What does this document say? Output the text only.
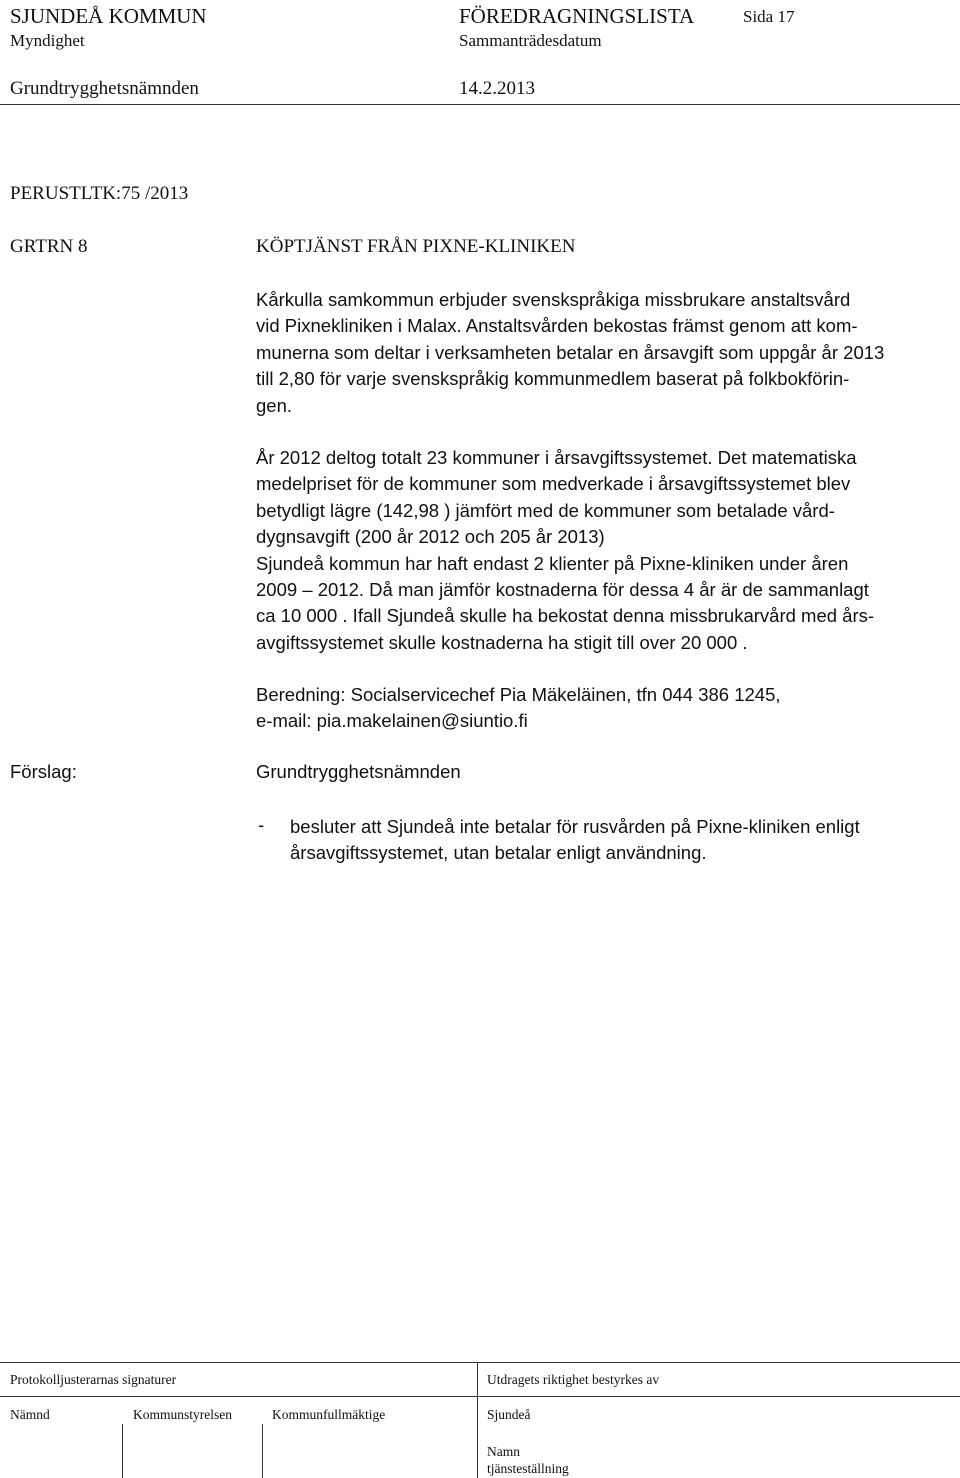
SJUNDEÅ KOMMUN	FÖREDRAGNINGSLISTA	Sida 17
Myndighet	Sammanträdesdatum
Grundtrygghetsnämnden	14.2.2013
PERUSTLTK:75 /2013
GRTRN 8	KÖPTJÄNST FRÅN PIXNE-KLINIKEN
Kårkulla samkommun erbjuder svenskspråkiga missbrukare anstaltsvård
vid Pixnekliniken i Malax. Anstaltsvården bekostas främst genom att kom-
munerna som deltar i verksamheten betalar en årsavgift som uppgår år 2013
till 2,80 för varje svenskspråkig kommunmedlem baserat på folkbokförin-
gen.
År 2012 deltog totalt 23 kommuner i årsavgiftssystemet. Det matematiska
medelpriset för de kommuner som medverkade i årsavgiftssystemet blev
betydligt lägre (142,98 ) jämfört med de kommuner som betalade vård-
dygnsavgift (200 år 2012 och 205 år 2013)
Sjundeå kommun har haft endast 2 klienter på Pixne-kliniken under åren
2009 – 2012. Då man jämför kostnaderna för dessa 4 år är de sammanlagt
ca 10 000 . Ifall Sjundeå skulle ha bekostat denna missbrukarvård med års-
avgiftssystemet skulle kostnaderna ha stigit till over 20 000 .
Beredning: Socialservicechef Pia Mäkeläinen, tfn 044 386 1245,
e-mail: pia.makelainen@siuntio.fi
Förslag:	Grundtrygghetsnämnden
- besluter att Sjundeå inte betalar för rusvården på Pixne-kliniken enligt
årsavgiftssystemet, utan betalar enligt användning.
Protokolljusterarnas signaturer	Utdragets riktighet bestyrkes av
Nämnd	Kommunstyrelsen	Kommunfullmäktige	Sjundeå
Namn
tjänsteställning
